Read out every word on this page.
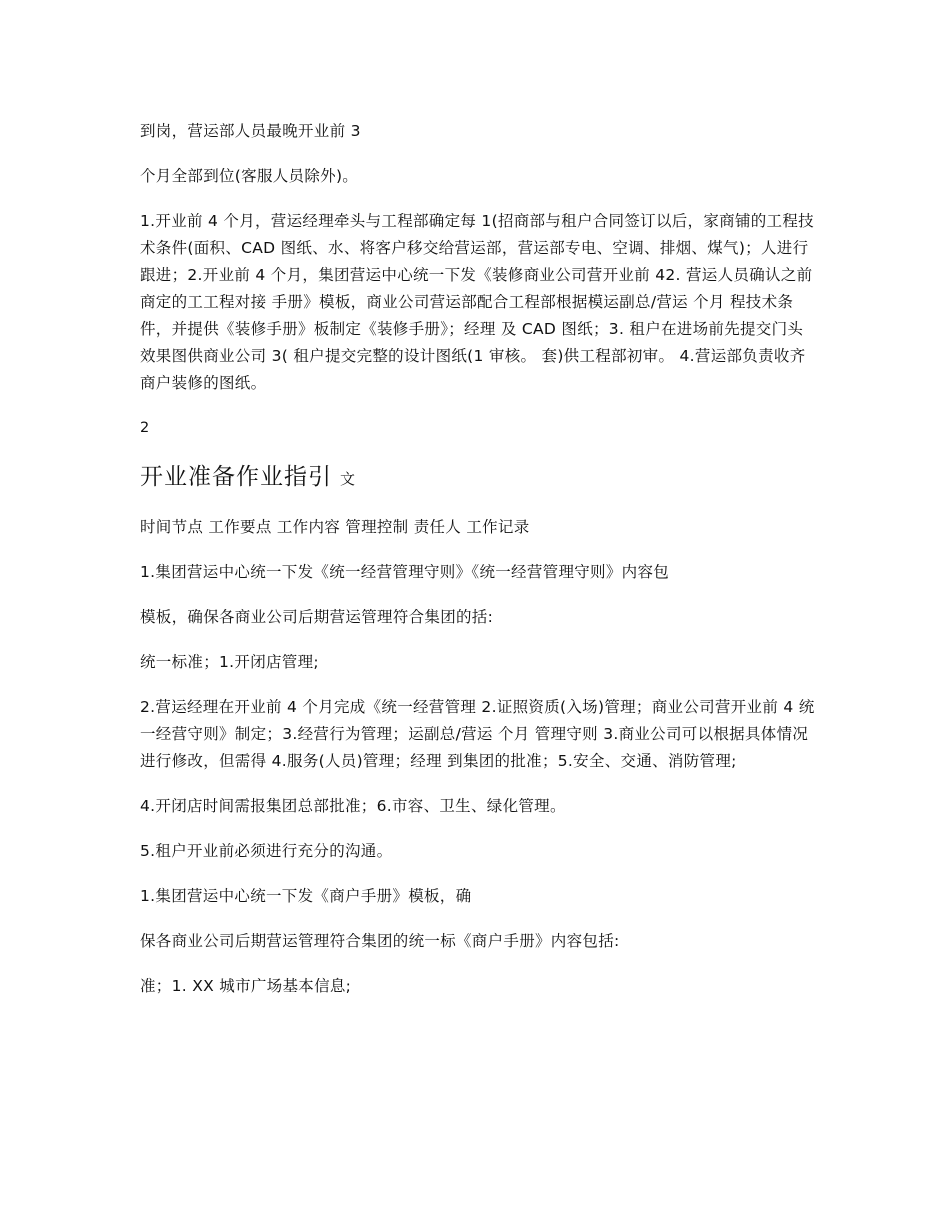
到岗，营运部人员最晚开业前 3

个月全部到位(客服人员除外)。

1.开业前 4 个月，营运经理牵头与工程部确定每 1(招商部与租户合同签订以后，家商铺的工程技术条件(面积、CAD 图纸、水、将客户移交给营运部，营运部专电、空调、排烟、煤气)；人进行跟进；2.开业前 4 个月，集团营运中心统一下发《装修商业公司营开业前 42. 营运人员确认之前商定的工工程对接 手册》模板，商业公司营运部配合工程部根据模运副总/营运 个月 程技术条件，并提供《装修手册》板制定《装修手册》；经理 及 CAD 图纸；3. 租户在进场前先提交门头效果图供商业公司 3( 租户提交完整的设计图纸(1 审核。 套)供工程部初审。 4.营运部负责收齐商户装修的图纸。

2
开业准备作业指引 文

时间节点 工作要点 工作内容 管理控制 责任人 工作记录

1.集团营运中心统一下发《统一经营管理守则》《统一经营管理守则》内容包

模板，确保各商业公司后期营运管理符合集团的括:

统一标准；1.开闭店管理;

2.营运经理在开业前 4 个月完成《统一经营管理 2.证照资质(入场)管理；商业公司营开业前 4 统一经营守则》制定；3.经营行为管理；运副总/营运 个月 管理守则 3.商业公司可以根据具体情况进行修改，但需得 4.服务(人员)管理；经理 到集团的批准；5.安全、交通、消防管理;

4.开闭店时间需报集团总部批准；6.市容、卫生、绿化管理。

5.租户开业前必须进行充分的沟通。

1.集团营运中心统一下发《商户手册》模板，确

保各商业公司后期营运管理符合集团的统一标《商户手册》内容包括:

准；1. XX 城市广场基本信息;
